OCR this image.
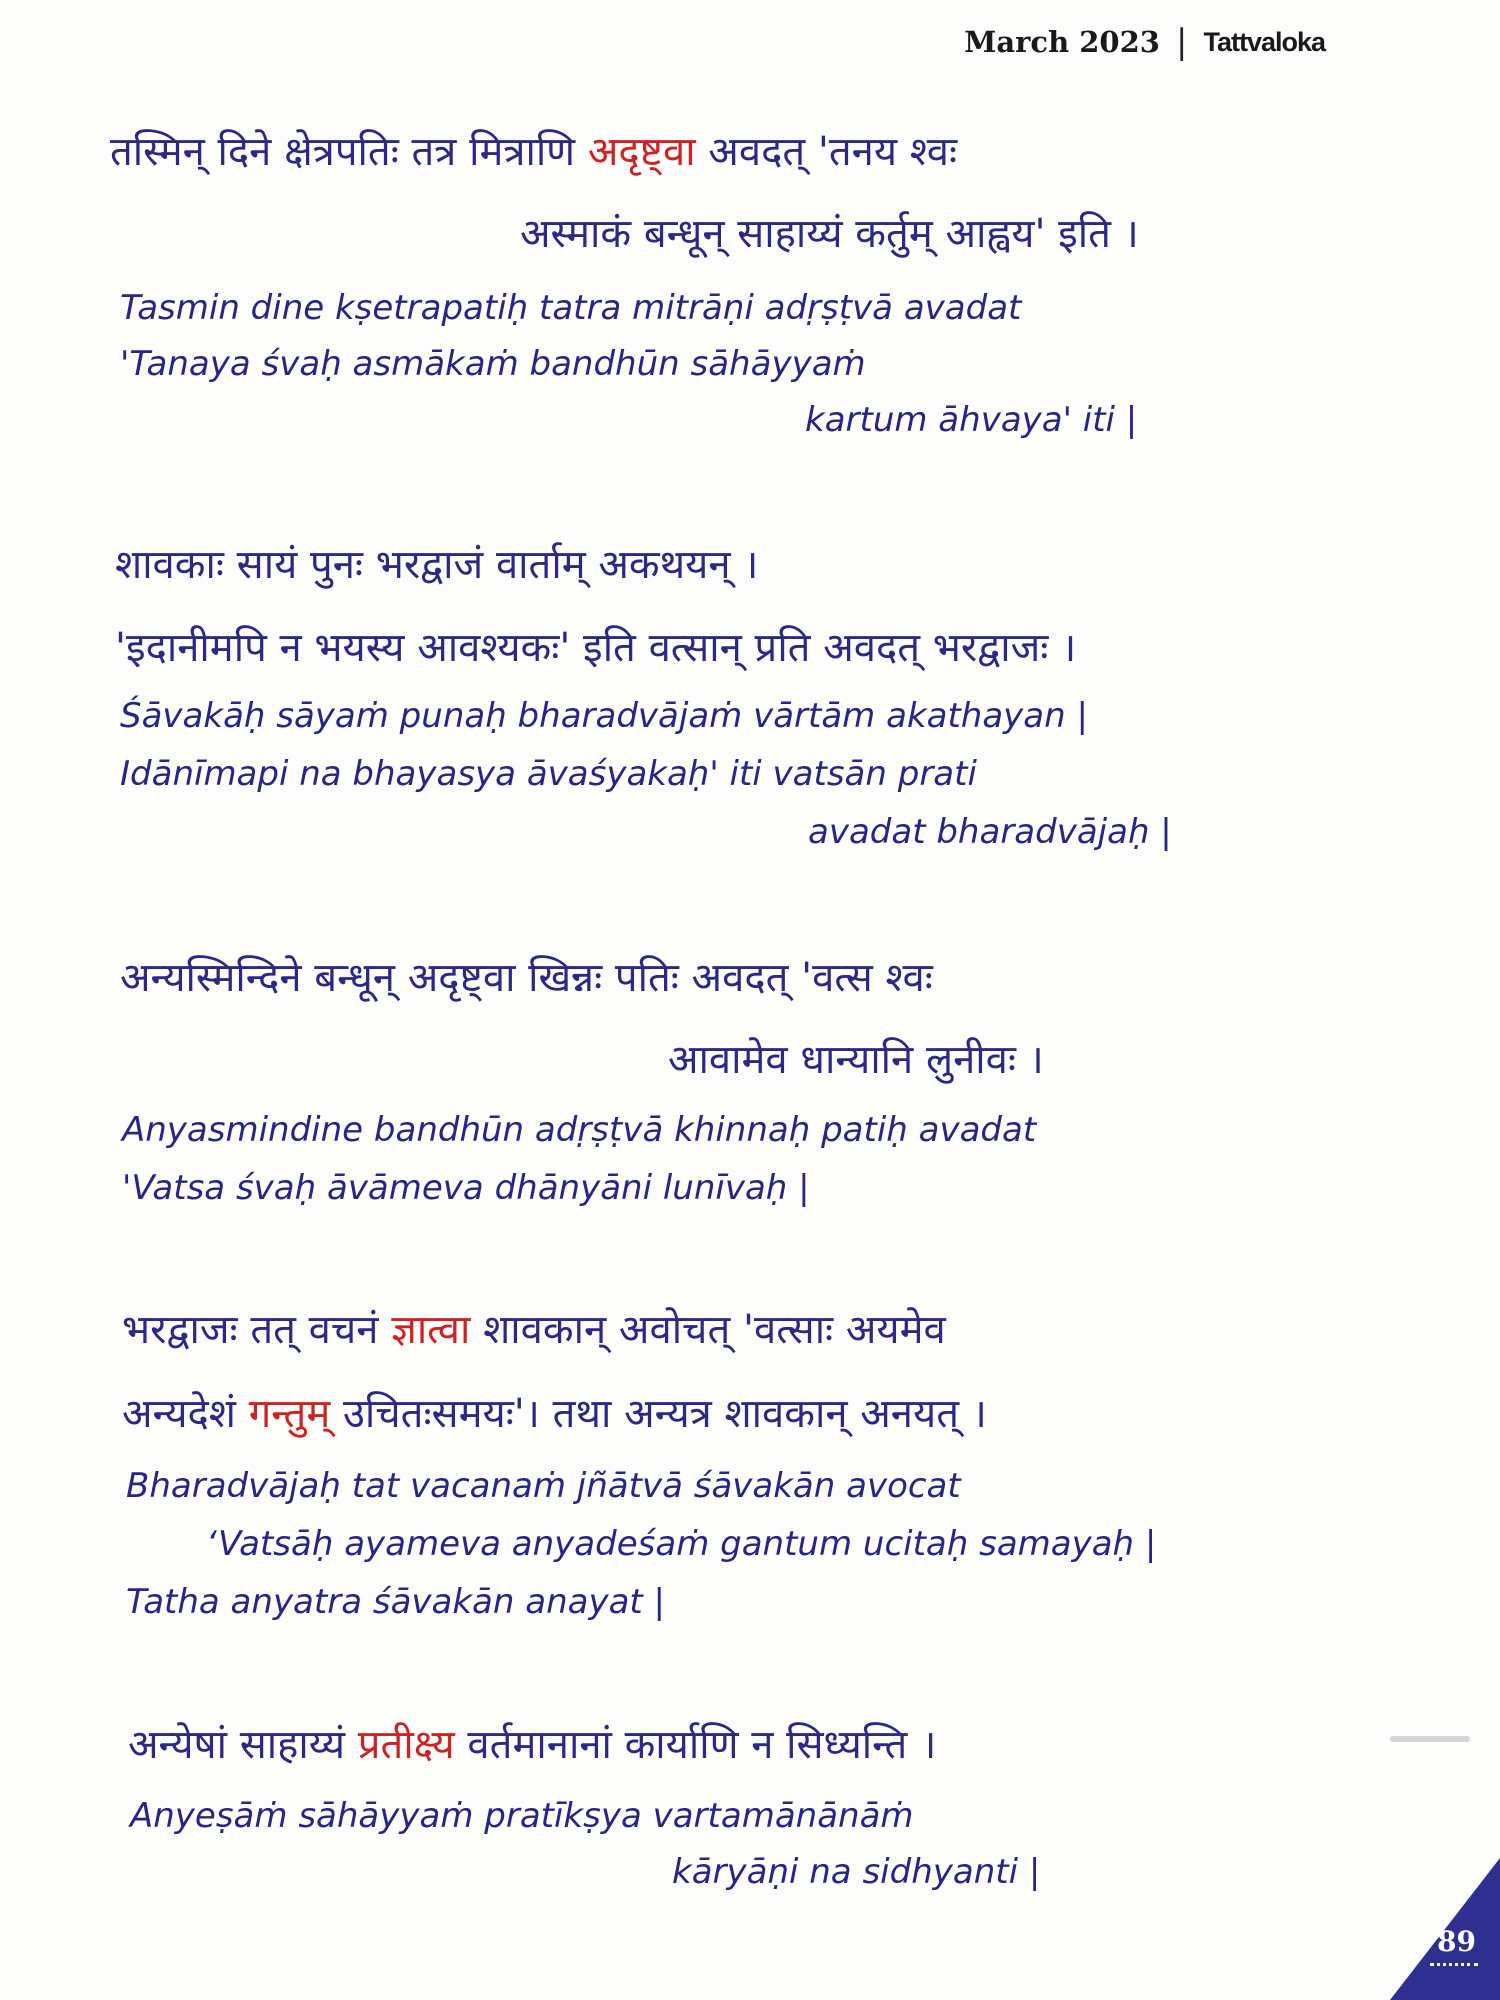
March 2023 | Tattvaloka
तस्मिन् दिने क्षेत्रपतिः तत्र मित्राणि अदृष्ट्वा अवदत् 'तनय श्वः
अस्माकं बन्धून् साहाय्यं कर्तुम् आह्वय' इति ।
Tasmin dine kṣetrapatiḥ tatra mitrāṇi adṛṣṭvā avadat
'Tanaya śvaḥ asmākaṁ bandhūn sāhāyyaṁ
kartum āhvaya' iti |
शावकाः सायं पुनः भरद्वाजं वार्ताम् अकथयन् ।
'इदानीमपि न भयस्य आवश्यकः' इति वत्सान् प्रति अवदत् भरद्वाजः ।
Śāvakāḥ sāyaṁ punaḥ bharadvājaṁ vārtām akathayan |
Idānīmapi na bhayasya āvaśyakaḥ' iti vatsān prati
avadat bharadvājaḥ |
अन्यस्मिन्दिने बन्धून् अदृष्ट्वा खिन्नः पतिः अवदत् 'वत्स श्वः
आवामेव धान्यानि लुनीवः ।
Anyasmindine bandhūn adṛṣṭvā khinnaḥ patiḥ avadat
'Vatsa śvaḥ āvāmeva dhānyāni lunīvaḥ |
भरद्वाजः तत् वचनं ज्ञात्वा शावकान् अवोचत् 'वत्साः अयमेव
अन्यदेशं गन्तुम् उचितःसमयः'। तथा अन्यत्र शावकान् अनयत् ।
Bharadvājaḥ tat vacanaṁ jñātvā śāvakān avocat
‘Vatsāḥ ayameva anyadeśaṁ gantum ucitaḥ samayaḥ |
Tatha anyatra śāvakān anayat |
अन्येषां साहाय्यं प्रतीक्ष्य वर्तमानानां कार्याणि न सिध्यन्ति ।
Anyeṣāṁ sāhāyyaṁ pratīkṣya vartamānānāṁ
kāryāṇi na sidhyanti |
89
